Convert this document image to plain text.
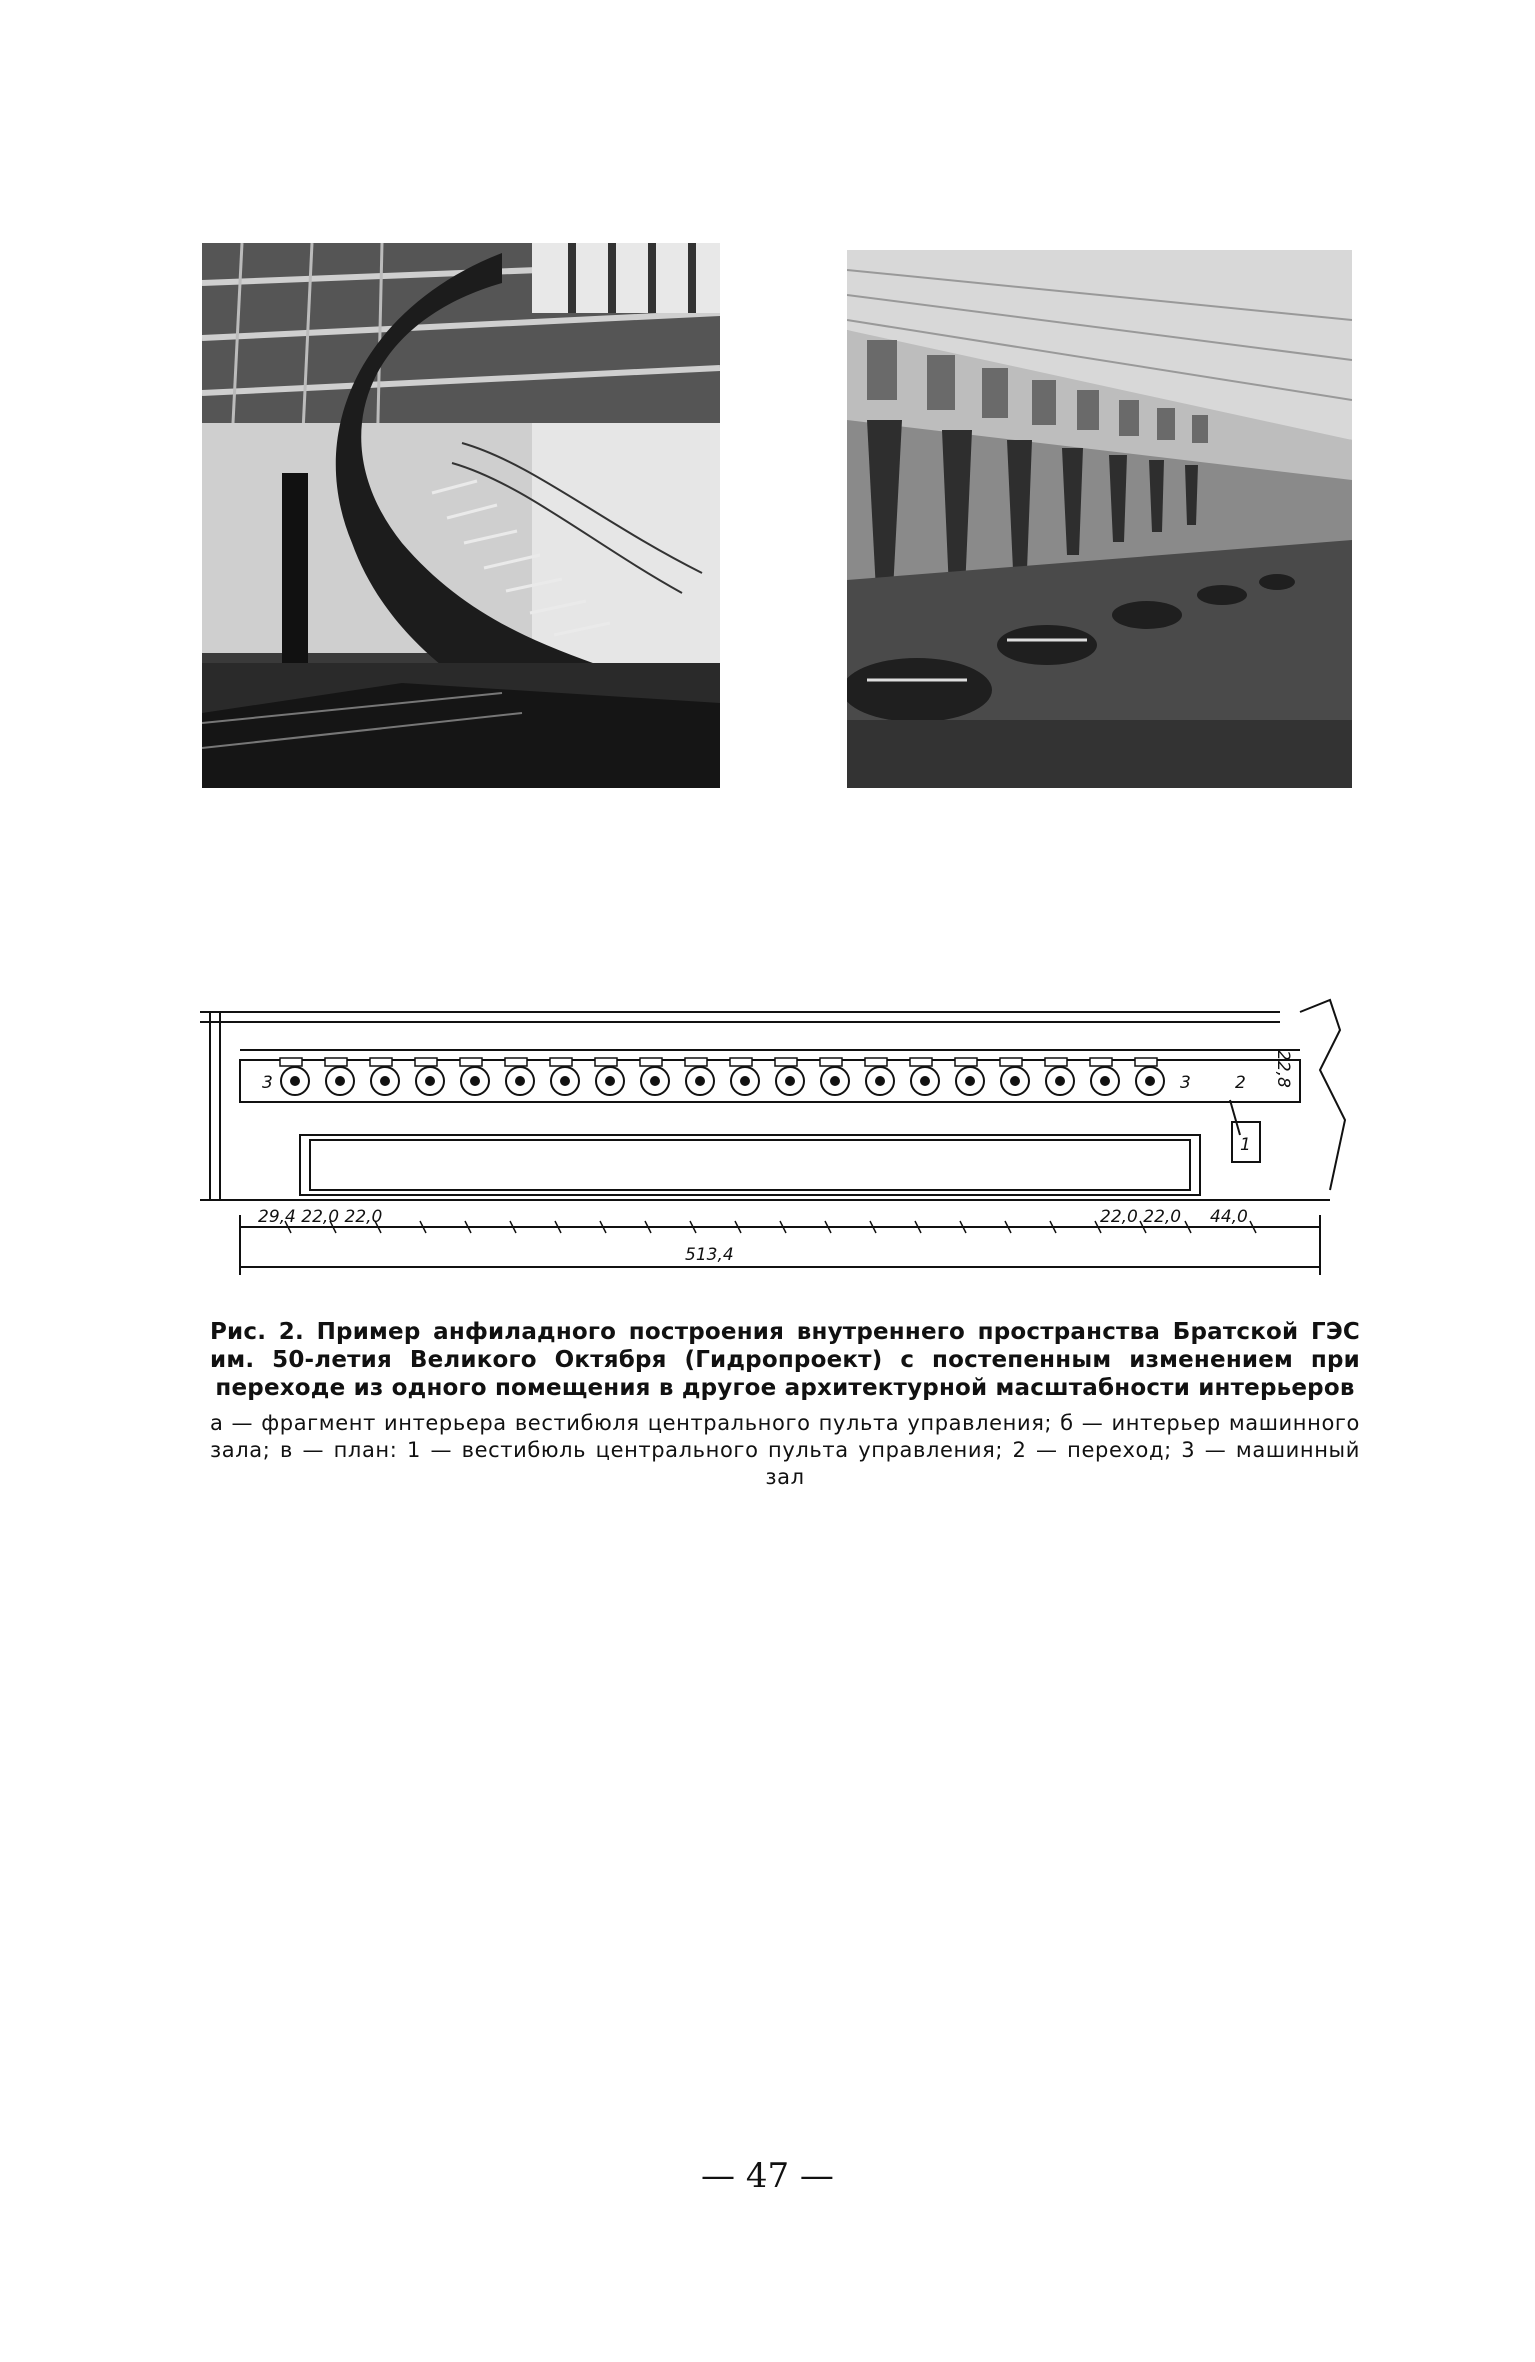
3	3	2
1
29,4 22,0 22,0	22,0 22,0 44,0
513,4
22,8

Рис. 2. Пример анфиладного построения внутреннего пространства Братской ГЭС им. 50-летия Великого Октября (Гидропроект) с постепенным изменением при переходе из одного помещения в другое архитектурной масштабности интерьеров

а — фрагмент интерьера вестибюля центрального пульта управления; б — интерьер машинного зала; в — план: 1 — вестибюль центрального пульта управления; 2 — переход; 3 — машинный зал

— 47 —
